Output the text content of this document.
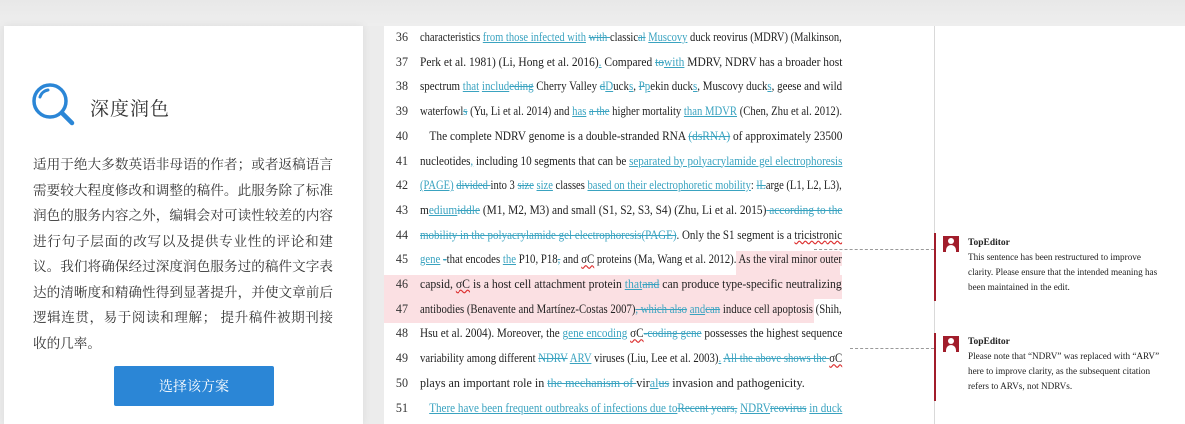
深度润色
适用于绝大多数英语非母语的作者；或者返稿语言需要较大程度修改和调整的稿件。此服务除了标准润色的服务内容之外，编辑会对可读性较差的内容进行句子层面的改写以及提供专业性的评论和建议。我们将确保经过深度润色服务过的稿件文字表达的清晰度和精确性得到显著提升，并使文章前后逻辑连贯，易于阅读和理解； 提升稿件被期刊接收的几率。
选择该方案
36 characteristics from those infected with with classical Muscovy duck reovirus (MDRV) (Malkinson,
37 Perk et al. 1981) (Li, Hong et al. 2016). Compared towith MDRV, NDRV has a broader host
38 spectrum that includeding Cherry Valley dDucks, Ppekin ducks, Muscovy ducks, geese and wild
39 waterfowls (Yu, Li et al. 2014) and has a the higher mortality than MDVR (Chen, Zhu et al. 2012).
40	The complete NDRV genome is a double-stranded RNA (dsRNA) of approximately 23500
41 nucleotides, including 10 segments that can be separated by polyacrylamide gel electrophoresis
42 (PAGE) divided into 3 size size classes based on their electrophoretic mobility: lLarge (L1, L2, L3),
43 mediumiddle (M1, M2, M3) and small (S1, S2, S3, S4) (Zhu, Li et al. 2015) according to the
44 mobility in the polyacrylamide gel electrophoresis(PAGE). Only the S1 segment is a tricistronic
45 gene -that encodes the P10, P18, and σC proteins (Ma, Wang et al. 2012). As the viral minor outer
46 capsid, σC is a host cell attachment protein thatand can produce type-specific neutralizing
47 antibodies (Benavente and Martínez-Costas 2007), which also andcan induce cell apoptosis (Shih,
48 Hsu et al. 2004). Moreover, the gene encoding σC-coding gene possesses the highest sequence
49 variability among different NDRV ARV viruses (Liu, Lee et al. 2003). All the above shows the σC
50 plays an important role in the mechanism of viralus invasion and pathogenicity.
51	There have been frequent outbreaks of infections due toRecent years, NDRVreovirus in duck
TopEditor
This sentence has been restructured to improve clarity. Please ensure that the intended meaning has been maintained in the edit.
TopEditor
Please note that “NDRV” was replaced with “ARV” here to improve clarity, as the subsequent citation refers to ARVs, not NDRVs.
